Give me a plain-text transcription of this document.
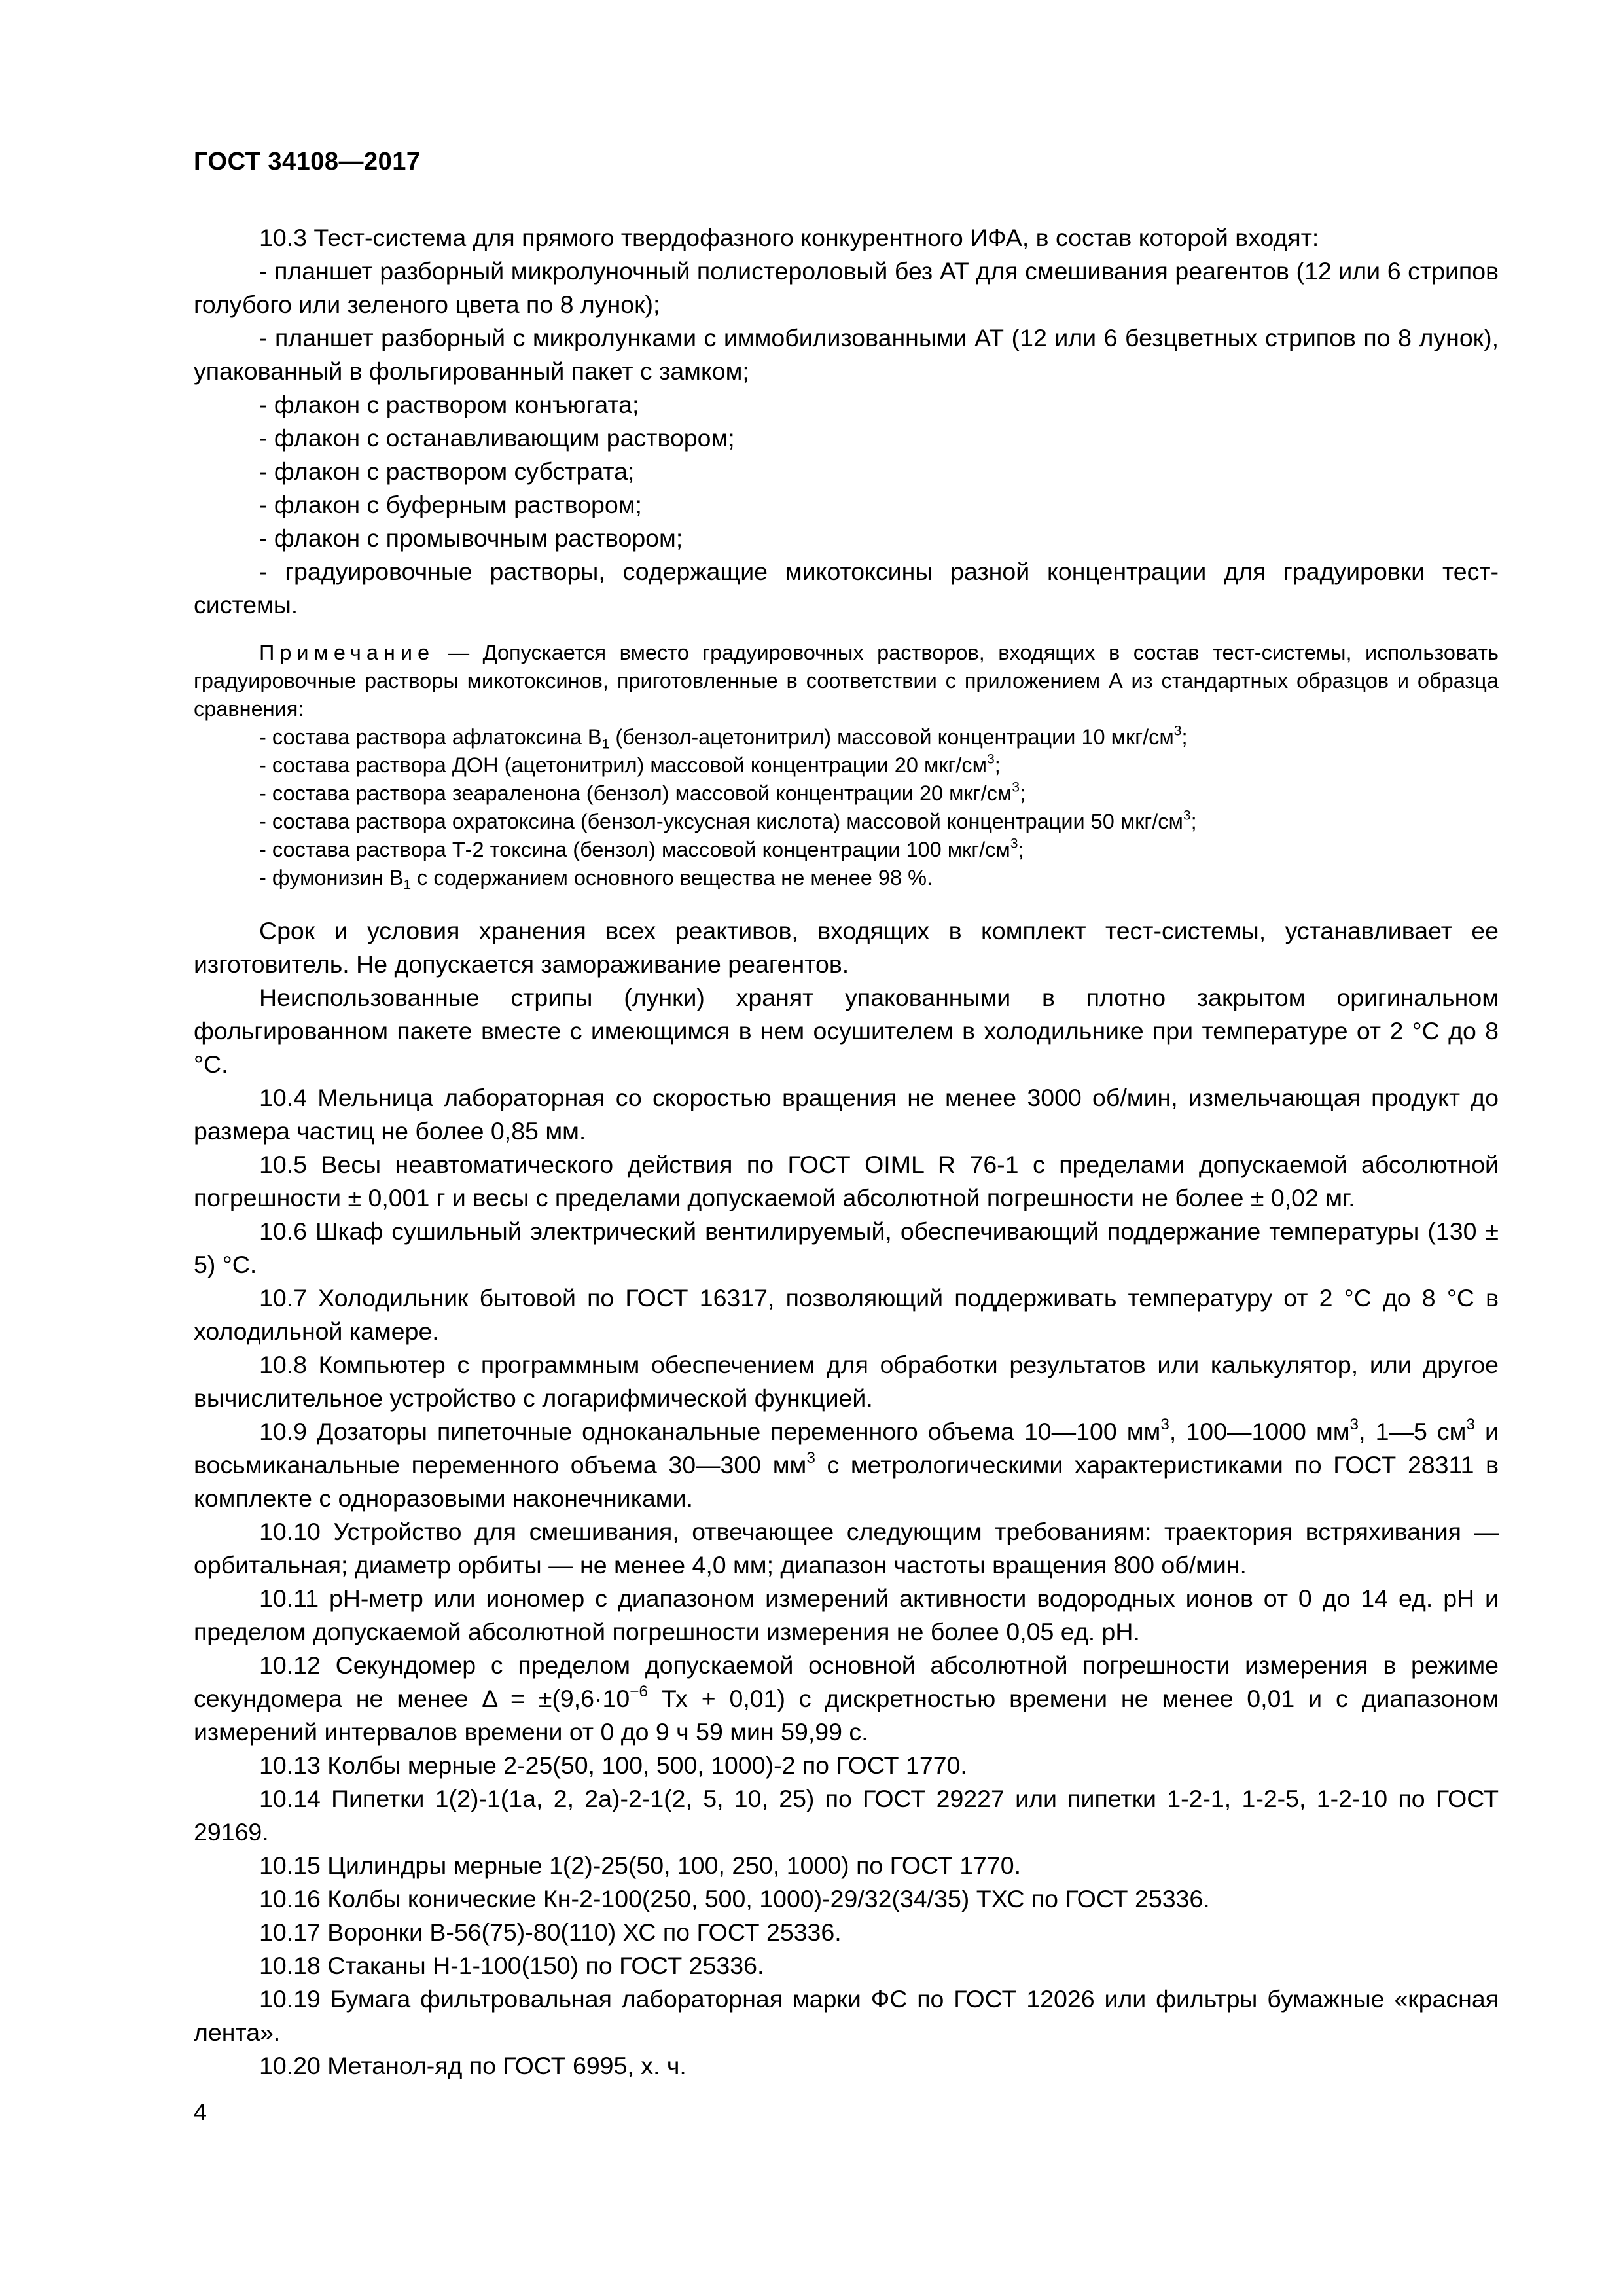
ГОСТ 34108—2017

10.3 Тест-система для прямого твердофазного конкурентного ИФА, в состав которой входят:

- планшет разборный микролуночный полистероловый без АТ для смешивания реагентов (12 или 6 стрипов голубого или зеленого цвета по 8 лунок);

- планшет разборный с микролунками с иммобилизованными АТ (12 или 6 безцветных стрипов по 8 лунок), упакованный в фольгированный пакет с замком;

- флакон с раствором конъюгата;

- флакон с останавливающим раствором;

- флакон с раствором субстрата;

- флакон с буферным раствором;

- флакон с промывочным раствором;

- градуировочные растворы, содержащие микотоксины разной концентрации для градуировки тест-системы.

Примечание — Допускается вместо градуировочных растворов, входящих в состав тест-системы, использовать градуировочные растворы микотоксинов, приготовленные в соответствии с приложением А из стандартных образцов и образца сравнения:

- состава раствора афлатоксина $B_1$ (бензол-ацетонитрил) массовой концентрации 10 мкг/$см^3$;

- состава раствора ДОН (ацетонитрил) массовой концентрации 20 мкг/$см^3$;

- состава раствора зеараленона (бензол) массовой концентрации 20 мкг/$см^3$;

- состава раствора охратоксина (бензол-уксусная кислота) массовой концентрации 50 мкг/$см^3$;

- состава раствора Т-2 токсина (бензол) массовой концентрации 100 мкг/$см^3$;

- фумонизин $B_1$ с содержанием основного вещества не менее 98 %.

Срок и условия хранения всех реактивов, входящих в комплект тест-системы, устанавливает ее изготовитель. Не допускается замораживание реагентов.

Неиспользованные стрипы (лунки) хранят упакованными в плотно закрытом оригинальном фольгированном пакете вместе с имеющимся в нем осушителем в холодильнике при температуре от 2 °С до 8 °С.

10.4 Мельница лабораторная со скоростью вращения не менее 3000 об/мин, измельчающая продукт до размера частиц не более 0,85 мм.

10.5 Весы неавтоматического действия по ГОСТ OIML R 76-1 с пределами допускаемой абсолютной погрешности ± 0,001 г и весы с пределами допускаемой абсолютной погрешности не более ± 0,02 мг.

10.6 Шкаф сушильный электрический вентилируемый, обеспечивающий поддержание температуры (130 ± 5) °С.

10.7 Холодильник бытовой по ГОСТ 16317, позволяющий поддерживать температуру от 2 °С до 8 °С в холодильной камере.

10.8 Компьютер с программным обеспечением для обработки результатов или калькулятор, или другое вычислительное устройство с логарифмической функцией.

10.9 Дозаторы пипеточные одноканальные переменного объема 10—100 $мм^3$, 100—1000 $мм^3$, 1—5 $см^3$ и восьмиканальные переменного объема 30—300 $мм^3$ с метрологическими характеристиками по ГОСТ 28311 в комплекте с одноразовыми наконечниками.

10.10 Устройство для смешивания, отвечающее следующим требованиям: траектория встряхивания — орбитальная; диаметр орбиты — не менее 4,0 мм; диапазон частоты вращения 800 об/мин.

10.11 рН-метр или иономер с диапазоном измерений активности водородных ионов от 0 до 14 ед. рН и пределом допускаемой абсолютной погрешности измерения не более 0,05 ед. рН.

10.12 Секундомер с пределом допускаемой основной абсолютной погрешности измерения в режиме секундомера не менее $\Delta = \pm(9,6\cdot 10^{-6}$ Тх + 0,01) с дискретностью времени не менее 0,01 и с диапазоном измерений интервалов времени от 0 до 9 ч 59 мин 59,99 с.

10.13 Колбы мерные 2-25(50, 100, 500, 1000)-2 по ГОСТ 1770.

10.14 Пипетки 1(2)-1(1а, 2, 2а)-2-1(2, 5, 10, 25) по ГОСТ 29227 или пипетки 1-2-1, 1-2-5, 1-2-10 по ГОСТ 29169.

10.15 Цилиндры мерные 1(2)-25(50, 100, 250, 1000) по ГОСТ 1770.

10.16 Колбы конические Кн-2-100(250, 500, 1000)-29/32(34/35) ТХС по ГОСТ 25336.

10.17 Воронки В-56(75)-80(110) ХС по ГОСТ 25336.

10.18 Стаканы Н-1-100(150) по ГОСТ 25336.

10.19 Бумага фильтровальная лабораторная марки ФС по ГОСТ 12026 или фильтры бумажные «красная лента».

10.20 Метанол-яд по ГОСТ 6995, х. ч.

4
